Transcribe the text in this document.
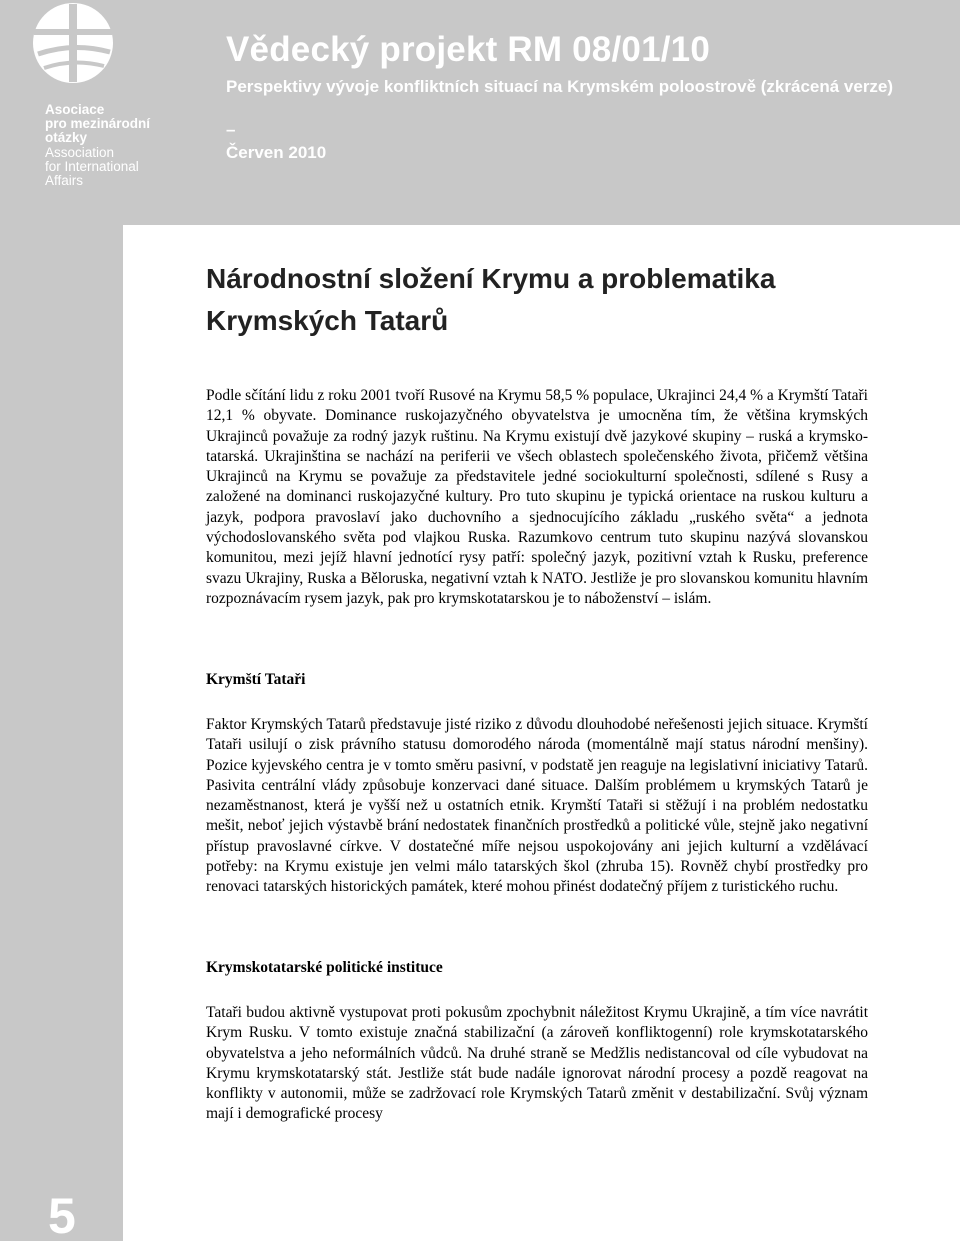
Asociace
pro mezinárodní
otázky
Association
for International
Affairs
Vědecký projekt RM 08/01/10
Perspektivy vývoje konfliktních situací na Krymském poloostrově (zkrácená verze)
–
Červen 2010
5
Národnostní složení Krymu a problematika Krymských Tatarů

Podle sčítání lidu z roku 2001 tvoří Rusové na Krymu 58,5 % populace, Ukrajinci 24,4 % a Krymští Tataři 12,1 % obyvate. Dominance ruskojazyčného obyvatelstva je umocněna tím, že většina krymských Ukrajinců považuje za rodný jazyk ruštinu. Na Krymu existují dvě jazykové skupiny – ruská a krymsko-tatarská. Ukrajinština se nachází na periferii ve všech oblastech společenského života, přičemž většina Ukrajinců na Krymu se považuje za představitele jedné sociokulturní společnosti, sdílené s Rusy a založené na dominanci ruskojazyčné kultury. Pro tuto skupinu je typická orientace na ruskou kulturu a jazyk, podpora pravoslaví jako duchovního a sjednocujícího základu „ruského světa“ a jednota východoslovanského světa pod vlajkou Ruska. Razumkovo centrum tuto skupinu nazývá slovanskou komunitou, mezi jejíž hlavní jednotící rysy patří: společný jazyk, pozitivní vztah k Rusku, preference svazu Ukrajiny, Ruska a Běloruska, negativní vztah k NATO. Jestliže je pro slovanskou komunitu hlavním rozpoznávacím rysem jazyk, pak pro krymskotatarskou je to náboženství – islám.

Krymští Tataři

Faktor Krymských Tatarů představuje jisté riziko z důvodu dlouhodobé neřešenosti jejich situace. Krymští Tataři usilují o zisk právního statusu domorodého národa (momentálně mají status národní menšiny). Pozice kyjevského centra je v tomto směru pasivní, v podstatě jen reaguje na legislativní iniciativy Tatarů. Pasivita centrální vlády způsobuje konzervaci dané situace. Dalším problémem u krymských Tatarů je nezaměstnanost, která je vyšší než u ostatních etnik. Krymští Tataři si stěžují i na problém nedostatku mešit, neboť jejich výstavbě brání nedostatek finančních prostředků a politické vůle, stejně jako negativní přístup pravoslavné církve. V dostatečné míře nejsou uspokojovány ani jejich kulturní a vzdělávací potřeby: na Krymu existuje jen velmi málo tatarských škol (zhruba 15). Rovněž chybí prostředky pro renovaci tatarských historických památek, které mohou přinést dodatečný příjem z turistického ruchu.

Krymskotatarské politické instituce

Tataři budou aktivně vystupovat proti pokusům zpochybnit náležitost Krymu Ukrajině, a tím více navrátit Krym Rusku. V tomto existuje značná stabilizační (a zároveň konfliktogenní) role krymskotatarského obyvatelstva a jeho neformálních vůdců. Na druhé straně se Medžlis nedistancoval od cíle vybudovat na Krymu krymskotatarský stát. Jestliže stát bude nadále ignorovat národní procesy a pozdě reagovat na konflikty v autonomii, může se zadržovací role Krymských Tatarů změnit v destabilizační. Svůj význam mají i demografické procesy
